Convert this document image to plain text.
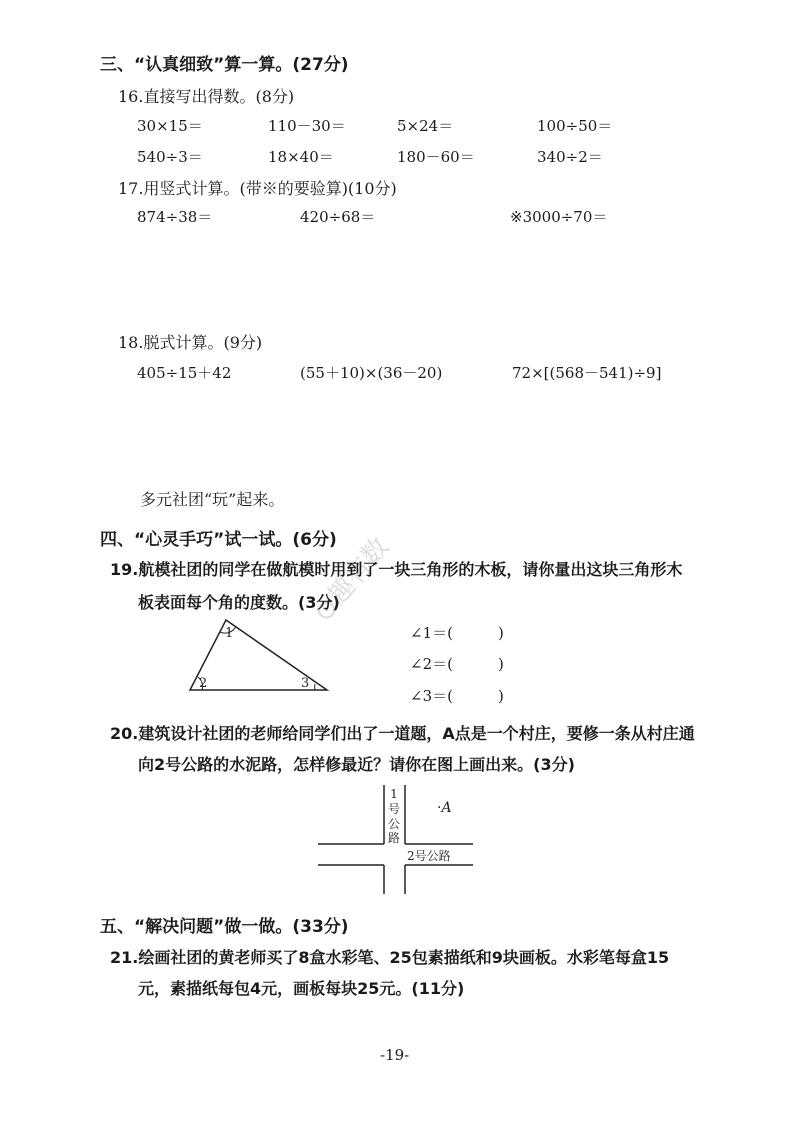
三、“认真细致”算一算。(27分)
16.直接写出得数。(8分)
30×15＝	110－30＝	5×24＝	100÷50＝
540÷3＝	18×40＝	180－60＝	340÷2＝
17.用竖式计算。(带※的要验算)(10分)
874÷38＝	420÷68＝	※3000÷70＝
18.脱式计算。(9分)
405÷15＋42	(55＋10)×(36－20)	72×[(568－541)÷9]
多元社团“玩”起来。
⊙趣有数
四、“心灵手巧”试一试。(6分)
19.航模社团的同学在做航模时用到了一块三角形的木板，请你量出这块三角形木
板表面每个角的度数。(3分)
1
2	3
∠1＝(　　　)
∠2＝(　　　)
∠3＝(　　　)
20.建筑设计社团的老师给同学们出了一道题，A点是一个村庄，要修一条从村庄通
向2号公路的水泥路，怎样修最近？请你在图上画出来。(3分)
1
号
公
路
2号公路
·A
五、“解决问题”做一做。(33分)
21.绘画社团的黄老师买了8盒水彩笔、25包素描纸和9块画板。水彩笔每盒15
元，素描纸每包4元，画板每块25元。(11分)
-19-
